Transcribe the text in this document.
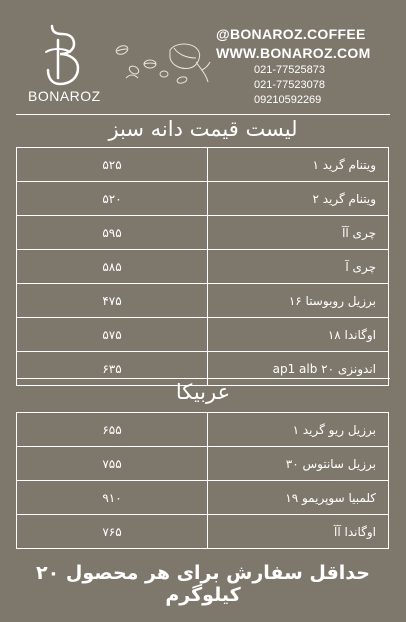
BONAROZ
@BONAROZ.COFFEE
WWW.BONAROZ.COM
021-77525873
021-77523078
09210592269
لیست قیمت دانه سبز
۵۲۵	ویتنام گرید ۱
۵۲۰	ویتنام گرید ۲
۵۹۵	چری آآ
۵۸۵	چری آ
۴۷۵	برزیل روبوستا ۱۶
۵۷۵	اوگاندا ۱۸
۶۳۵	اندونزی ۲۰ ap1 alb
عربیکا
۶۵۵	برزیل ریو گرید ۱
۷۵۵	برزیل سانتوس ۳۰
۹۱۰	کلمبیا سوپریمو ۱۹
۷۶۵	اوگاندا آآ
حداقل سفارش برای هر محصول ۲۰ کیلوگرم
